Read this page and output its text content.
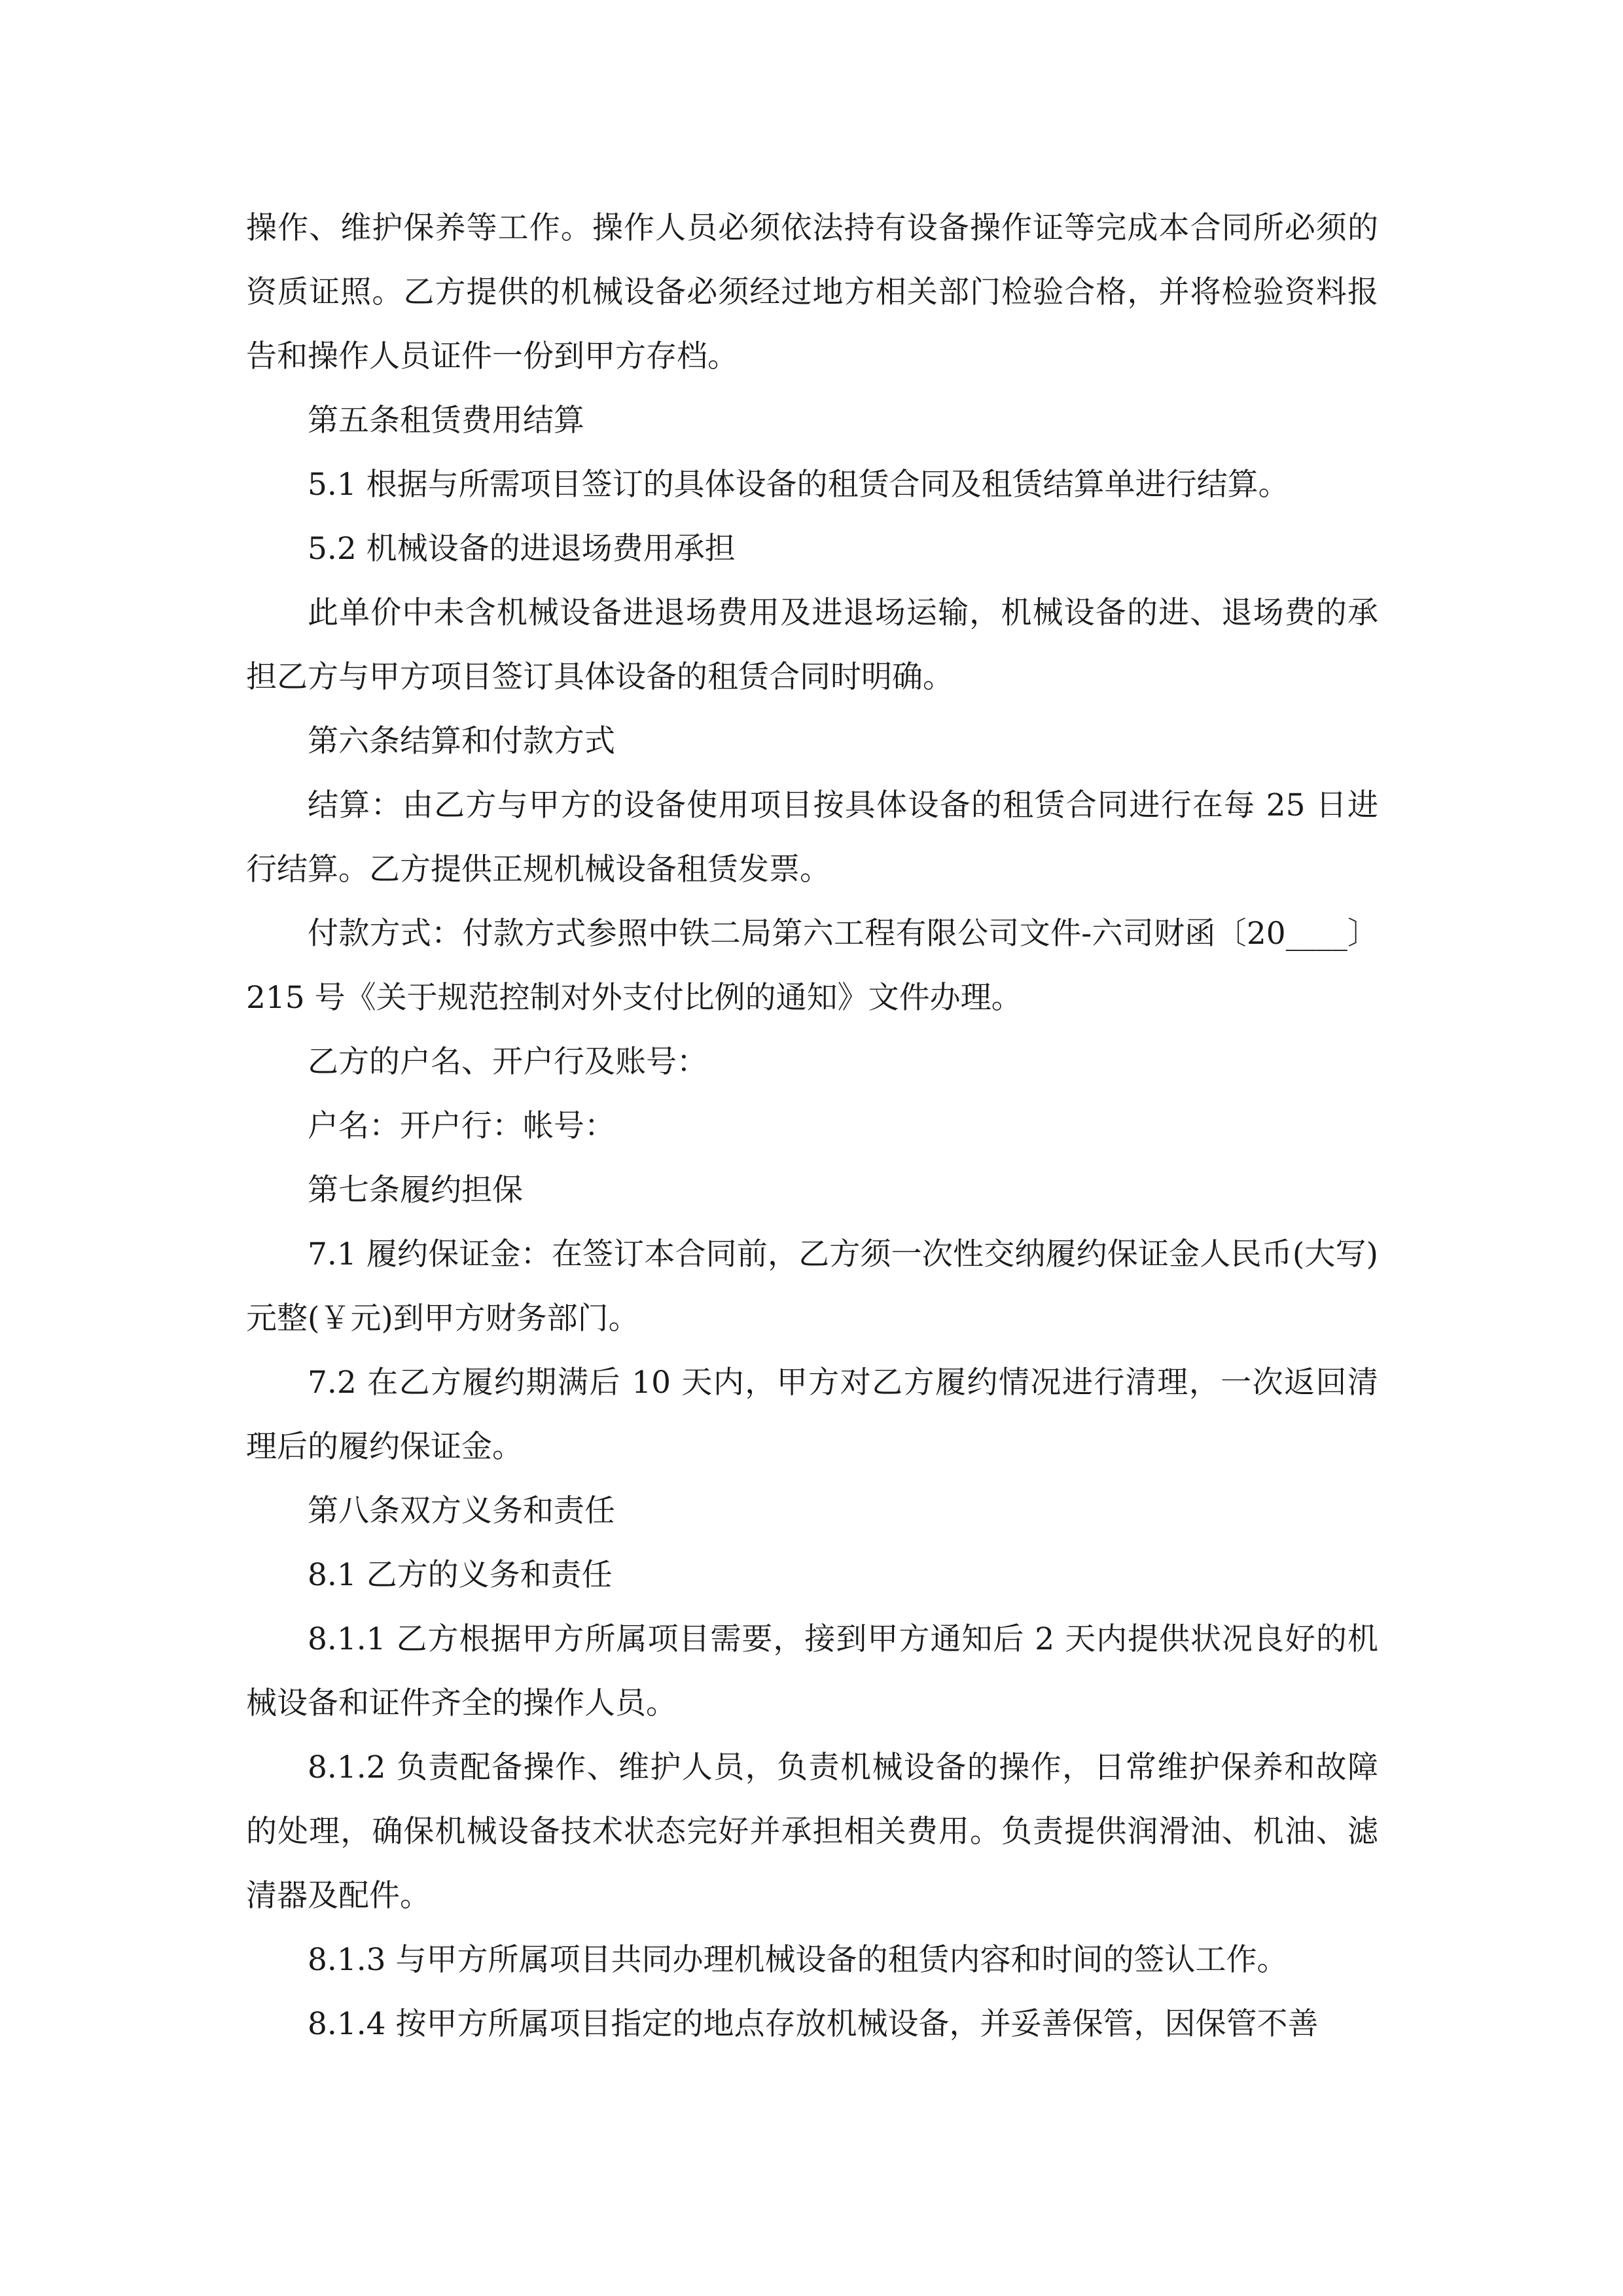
操作、维护保养等工作。操作人员必须依法持有设备操作证等完成本合同所必须的资质证照。乙方提供的机械设备必须经过地方相关部门检验合格，并将检验资料报告和操作人员证件一份到甲方存档。

第五条租赁费用结算

5.1 根据与所需项目签订的具体设备的租赁合同及租赁结算单进行结算。

5.2 机械设备的进退场费用承担

此单价中未含机械设备进退场费用及进退场运输，机械设备的进、退场费的承担乙方与甲方项目签订具体设备的租赁合同时明确。

第六条结算和付款方式

结算：由乙方与甲方的设备使用项目按具体设备的租赁合同进行在每 25 日进行结算。乙方提供正规机械设备租赁发票。

付款方式：付款方式参照中铁二局第六工程有限公司文件-六司财函〔20____〕215 号《关于规范控制对外支付比例的通知》文件办理。

乙方的户名、开户行及账号：

户名：开户行：帐号：

第七条履约担保

7.1 履约保证金：在签订本合同前，乙方须一次性交纳履约保证金人民币(大写)元整(￥元)到甲方财务部门。

7.2 在乙方履约期满后 10 天内，甲方对乙方履约情况进行清理，一次返回清理后的履约保证金。

第八条双方义务和责任

8.1 乙方的义务和责任

8.1.1 乙方根据甲方所属项目需要，接到甲方通知后 2 天内提供状况良好的机械设备和证件齐全的操作人员。

8.1.2 负责配备操作、维护人员，负责机械设备的操作，日常维护保养和故障的处理，确保机械设备技术状态完好并承担相关费用。负责提供润滑油、机油、滤清器及配件。

8.1.3 与甲方所属项目共同办理机械设备的租赁内容和时间的签认工作。

8.1.4 按甲方所属项目指定的地点存放机械设备，并妥善保管，因保管不善
